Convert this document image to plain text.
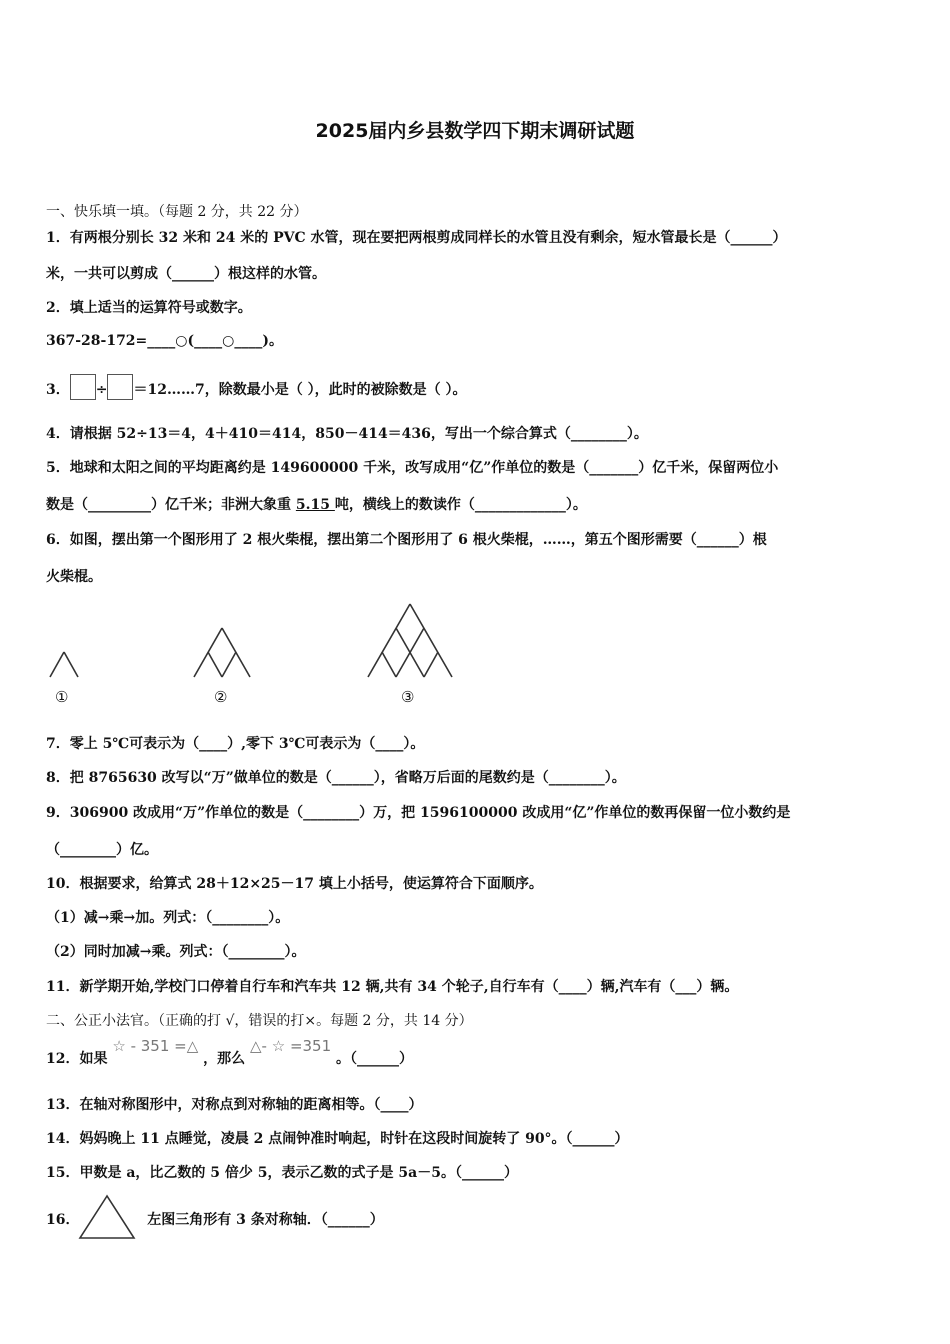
2025届内乡县数学四下期末调研试题
一、快乐填一填。（每题 2 分，共 22 分）
1．有两根分别长 32 米和 24 米的 PVC 水管，现在要把两根剪成同样长的水管且没有剩余，短水管最长是（______）
米，一共可以剪成（______）根这样的水管。
2．填上适当的运算符号或数字。
367-28-172=____○(____○____)。
3． ÷ ＝12……7，除数最小是（ ），此时的被除数是（ ）。
4．请根据 52÷13＝4，4＋410＝414，850－414＝436，写出一个综合算式（________）。
5．地球和太阳之间的平均距离约是 149600000 千米，改写成用“亿”作单位的数是（_______）亿千米，保留两位小
数是（_________）亿千米；非洲大象重 5.15 吨，横线上的数读作（_____________）。
6．如图，摆出第一个图形用了 2 根火柴棍，摆出第二个图形用了 6 根火柴棍，……，第五个图形需要（______）根
火柴棍。
①	②	③
7．零上 5℃可表示为（____）,零下 3℃可表示为（____）。
8．把 8765630 改写以“万”做单位的数是（______），省略万后面的尾数约是（________）。
9．306900 改成用“万”作单位的数是（________）万，把 1596100000 改成用“亿”作单位的数再保留一位小数约是
（________）亿。
10．根据要求，给算式 28＋12×25－17 填上小括号，使运算符合下面顺序。
（1）减→乘→加。列式：（________）。
（2）同时加减→乘。列式：（________）。
11．新学期开始,学校门口停着自行车和汽车共 12 辆,共有 34 个轮子,自行车有（____）辆,汽车有（___）辆。
二、公正小法官。（正确的打 √，错误的打×。每题 2 分，共 14 分）
12．如果 ☆ - 351 =△ ，那么 △- ☆ =351 。（______）
13．在轴对称图形中，对称点到对称轴的距离相等。（____）
14．妈妈晚上 11 点睡觉，凌晨 2 点闹钟准时响起，时针在这段时间旋转了 90°。（______）
15．甲数是 a，比乙数的 5 倍少 5，表示乙数的式子是 5a－5。（______）
16．	左图三角形有 3 条对称轴．（______）
